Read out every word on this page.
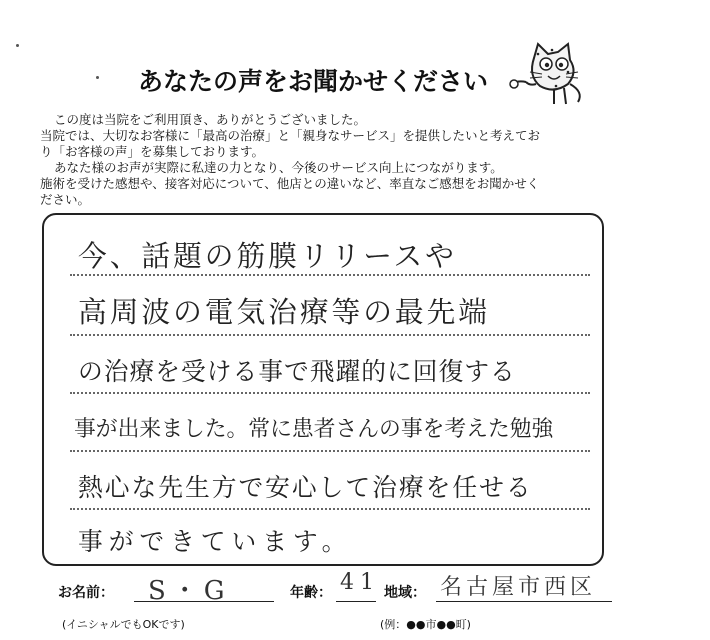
あなたの声をお聞かせください
この度は当院をご利用頂き、ありがとうございました。
当院では、大切なお客様に「最高の治療」と「親身なサービス」を提供したいと考えてお
り「お客様の声」を募集しております。
あなた様のお声が実際に私達の力となり、今後のサービス向上につながります。
施術を受けた感想や、接客対応について、他店との違いなど、率直なご感想をお聞かせく
ださい。
今、話題の筋膜リリースや
高周波の電気治療等の最先端
の治療を受ける事で飛躍的に回復する
事が出来ました。常に患者さんの事を考えた勉強
熱心な先生方で安心して治療を任せる
事ができています。
お名前： S・G
(イニシャルでもOKです)
年齢： 41 地域： 名古屋市西区
(例：●●市●●町)
